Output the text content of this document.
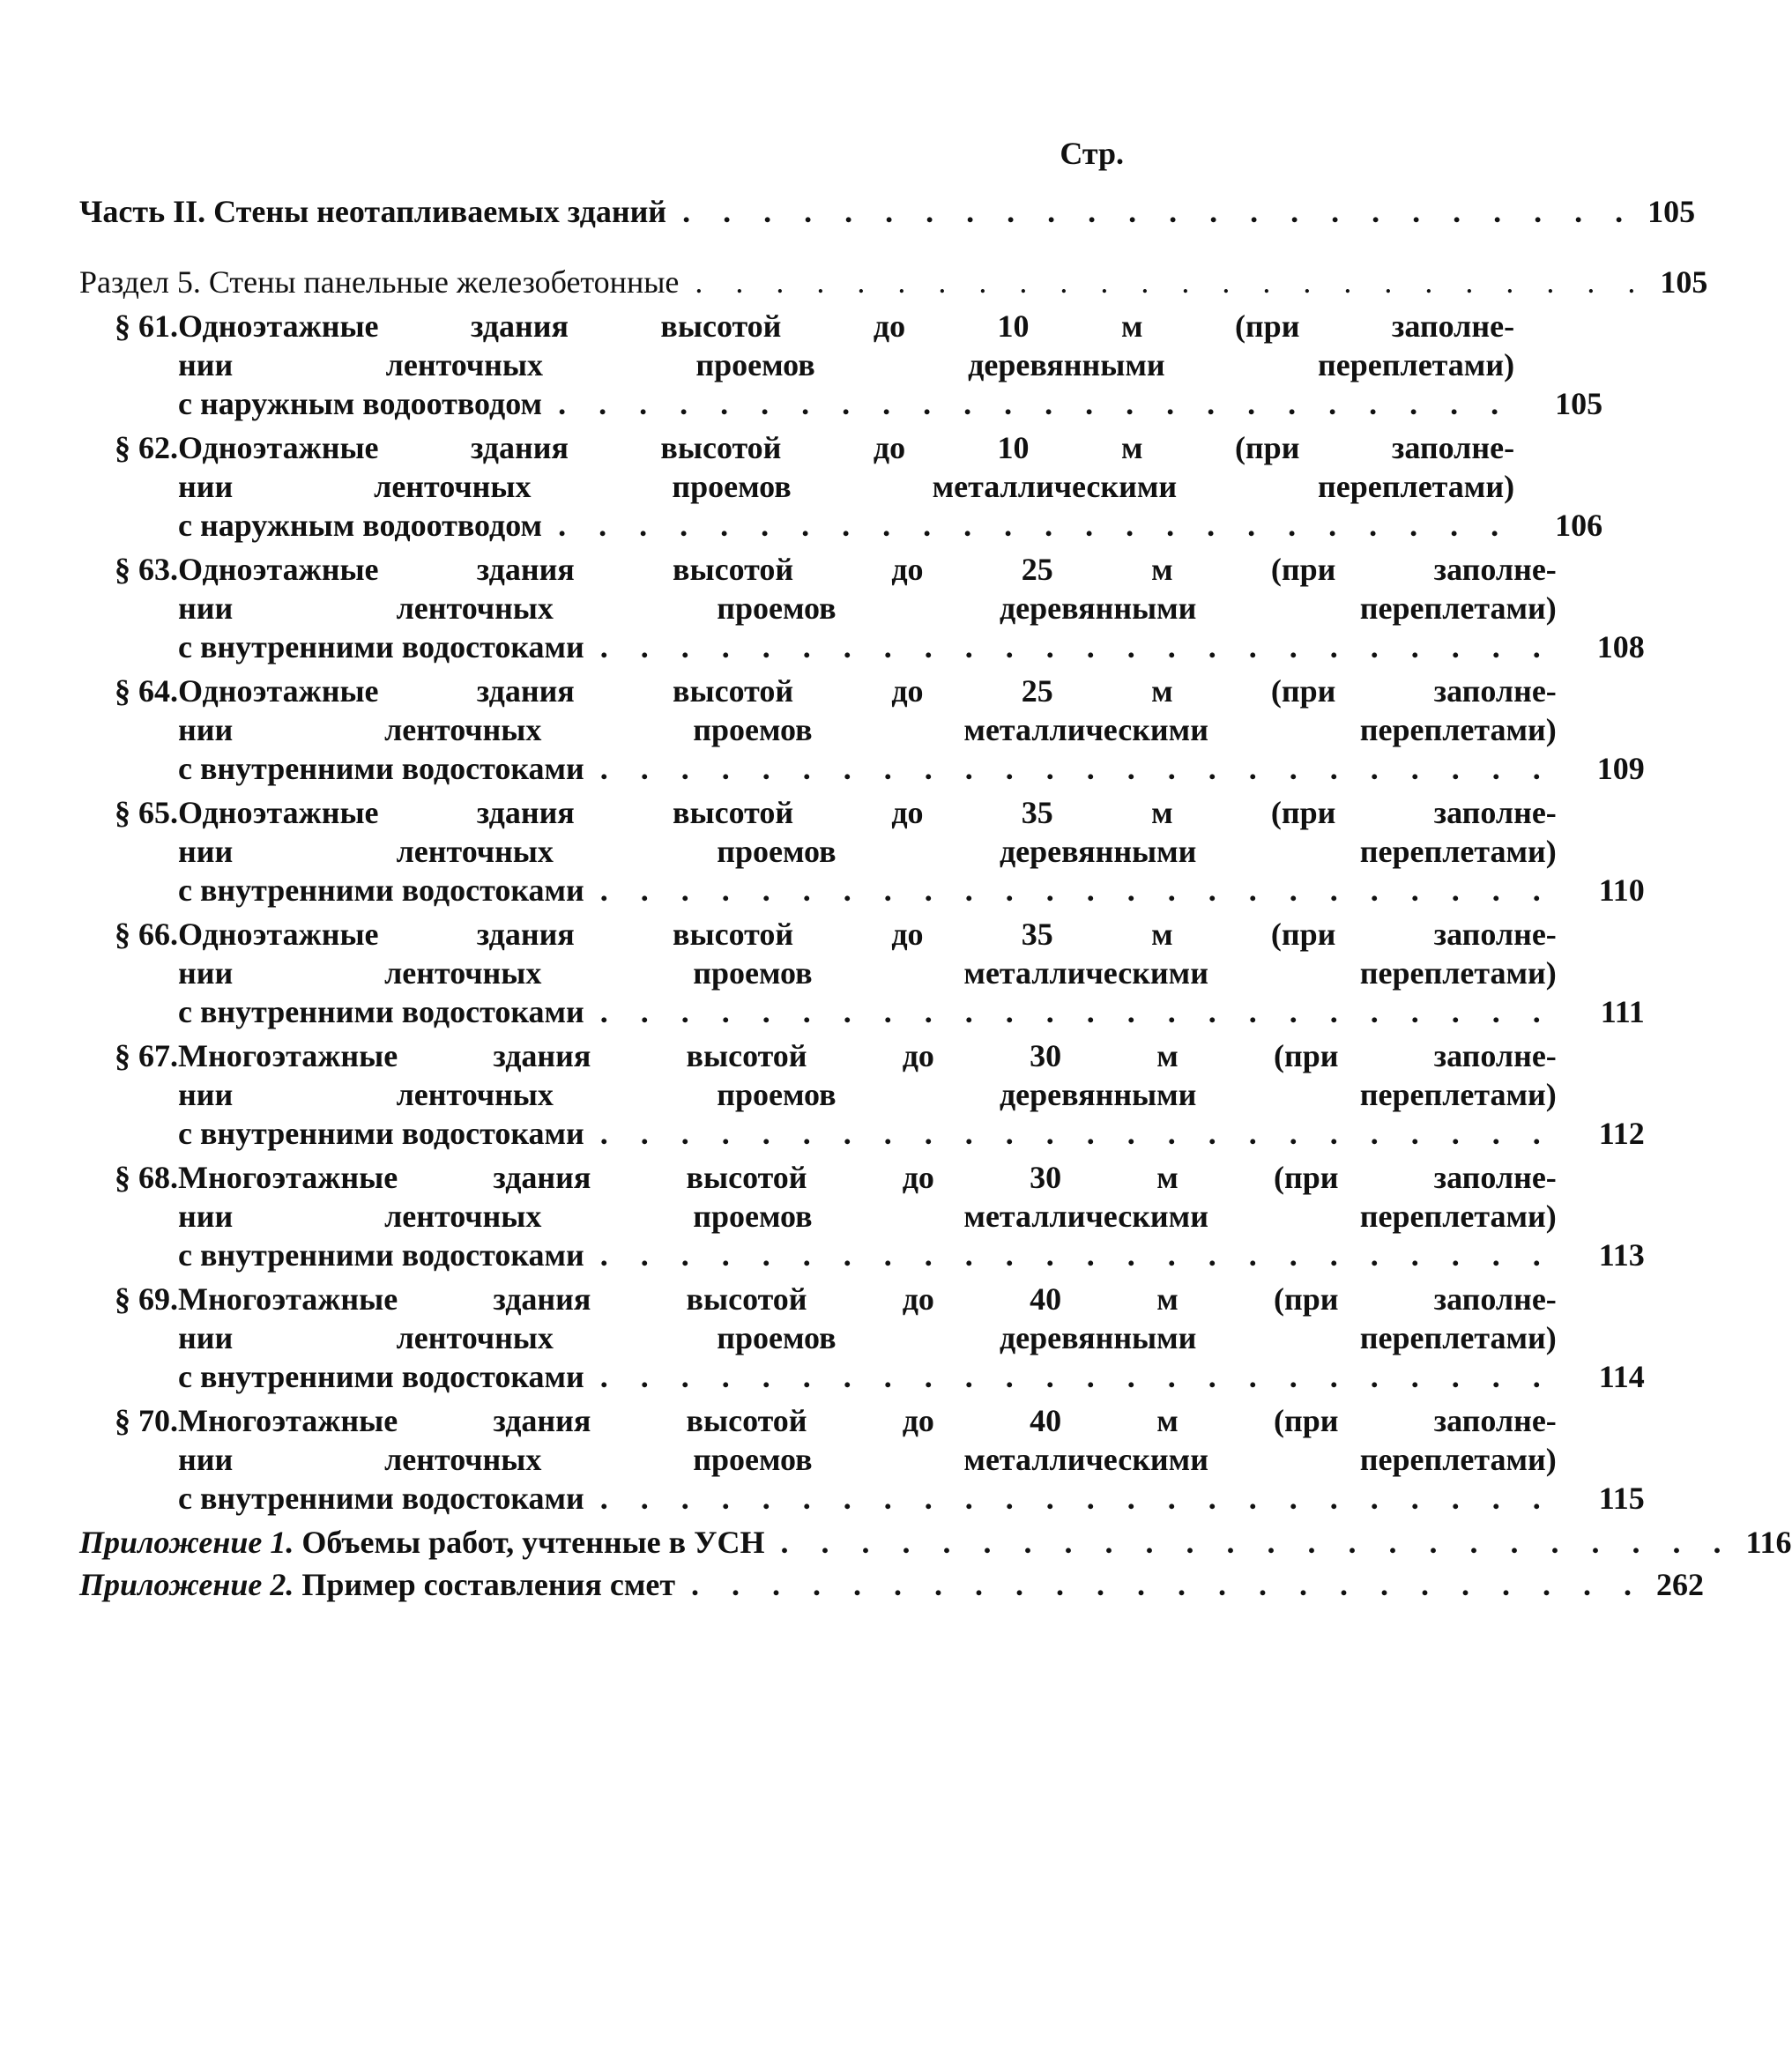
Стр.
Часть II. Стены неотапливаемых зданий . . . . . . . . . . . . . . . . . . . . . . . . 105
Раздел 5. Стены панельные железобетонные . . . . . . . . . . . . . . . . . . . . . . . . 105
§ 61. Одноэтажные здания высотой до 10 м (при заполне-
нии ленточных проемов деревянными переплетами)
с наружным водоотводом . . . . . . . . . . . . . . . . . . . . . . . .	105
§ 62. Одноэтажные здания высотой до 10 м (при заполне-
нии ленточных проемов металлическими переплетами)
с наружным водоотводом . . . . . . . . . . . . . . . . . . . . . . . .	106
§ 63. Одноэтажные здания высотой до 25 м (при заполне-
нии ленточных проемов деревянными переплетами)
с внутренними водостоками . . . . . . . . . . . . . . . . . . . . . . . .	108
§ 64. Одноэтажные здания высотой до 25 м (при заполне-
нии ленточных проемов металлическими переплетами)
с внутренними водостоками . . . . . . . . . . . . . . . . . . . . . . . .	109
§ 65. Одноэтажные здания высотой до 35 м (при заполне-
нии ленточных проемов деревянными переплетами)
с внутренними водостоками . . . . . . . . . . . . . . . . . . . . . . . .	110
§ 66. Одноэтажные здания высотой до 35 м (при заполне-
нии ленточных проемов металлическими переплетами)
с внутренними водостоками . . . . . . . . . . . . . . . . . . . . . . . .	111
§ 67. Многоэтажные здания высотой до 30 м (при заполне-
нии ленточных проемов деревянными переплетами)
с внутренними водостоками . . . . . . . . . . . . . . . . . . . . . . . .	112
§ 68. Многоэтажные здания высотой до 30 м (при заполне-
нии ленточных проемов металлическими переплетами)
с внутренними водостоками . . . . . . . . . . . . . . . . . . . . . . . .	113
§ 69. Многоэтажные здания высотой до 40 м (при заполне-
нии ленточных проемов деревянными переплетами)
с внутренними водостоками . . . . . . . . . . . . . . . . . . . . . . . .	114
§ 70. Многоэтажные здания высотой до 40 м (при заполне-
нии ленточных проемов металлическими переплетами)
с внутренними водостоками . . . . . . . . . . . . . . . . . . . . . . . .	115
Приложение 1. Объемы работ, учтенные в УСН . . . . . . . . . . . . . . . . . . . . . . . . 116
Приложение 2. Пример составления смет . . . . . . . . . . . . . . . . . . . . . . . . 262
